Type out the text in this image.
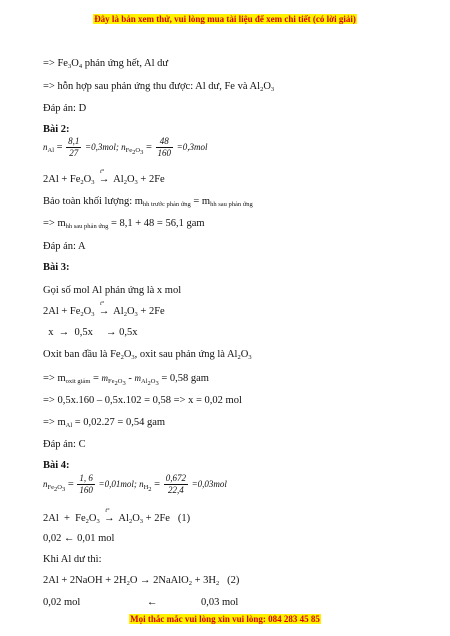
Đây là bản xem thử, vui lòng mua tài liệu để xem chi tiết (có lời giải)
=> $Fe_3O_4$ phản ứng hết, Al dư
=> hỗn hợp sau phản ứng thu được: Al dư, Fe và $Al_2O_3$
Đáp án: D
Bài 2:
$n_{Al} = \frac{8,1}{27} =0,3mol$; $n_{Fe_2O_3} = \frac{48}{160} =0,3mol$
$2Al + Fe_2O_3$
t°
→ $Al_2O_3 + 2Fe$
Bảo toàn khối lượng: $m_{hh trước phản ứng} = m_{hh sau phản ứng}$
=> $m_{hh sau phản ứng} = 8,1 + 48 = 56,1$ gam
Đáp án: A
Bài 3:
Gọi số mol Al phản ứng là x mol
$2Al + Fe_2O_3$
t°
→ $Al_2O_3 + 2Fe$
x  →  0,5x     → 0,5x
Oxit ban đầu là $Fe_2O_3$, oxit sau phản ứng là $Al_2O_3$
=> $m_{oxit giảm} = m_{Fe_2O_3} - m_{Al_2O_3} = 0,58$ gam
=> 0,5x.160 – 0,5x.102 = 0,58 => x = 0,02 mol
=> $m_{Al} = 0,02.27 = 0,54$ gam
Đáp án: C
Bài 4:
$n_{Fe_2O_3} = \frac{1, 6}{160} =0,01mol$; $n_{H_2} = \frac{0,672}{22,4} =0,03mol$
$2Al + Fe_2O_3$
t°
→ $Al_2O_3 + 2Fe$   (1)
0,02 ← 0,01 mol
Khi Al dư thì:
2Al + 2NaOH + $2H_2O$ → 2NaAlO$_2$ + $3H_2$   (2)
0,02 mol	←	0,03 mol
Mọi thắc mắc vui lòng xin vui lòng: 084 283 45 85
